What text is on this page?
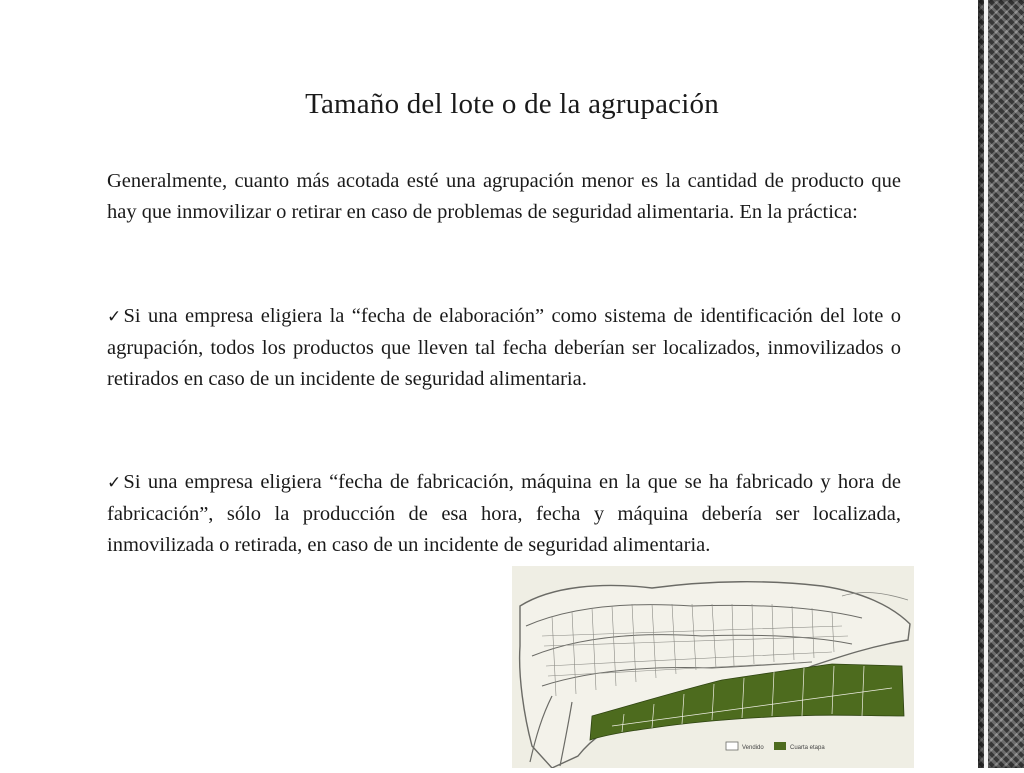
Tamaño del lote o de la agrupación

Generalmente, cuanto más acotada esté una agrupación menor es la cantidad de producto que hay que inmovilizar o retirar en caso de problemas de seguridad alimentaria. En la práctica:

✓Si una empresa eligiera la “fecha de elaboración” como sistema de identificación del lote o agrupación, todos los productos que lleven tal fecha deberían ser localizados, inmovilizados o retirados en caso de un incidente de seguridad alimentaria.

✓Si una empresa eligiera “fecha de fabricación, máquina en la que se ha fabricado y hora de fabricación”, sólo la producción de esa hora, fecha y máquina debería ser localizada, inmovilizada o retirada, en caso de un incidente de seguridad alimentaria.

Vendido	Cuarta etapa
